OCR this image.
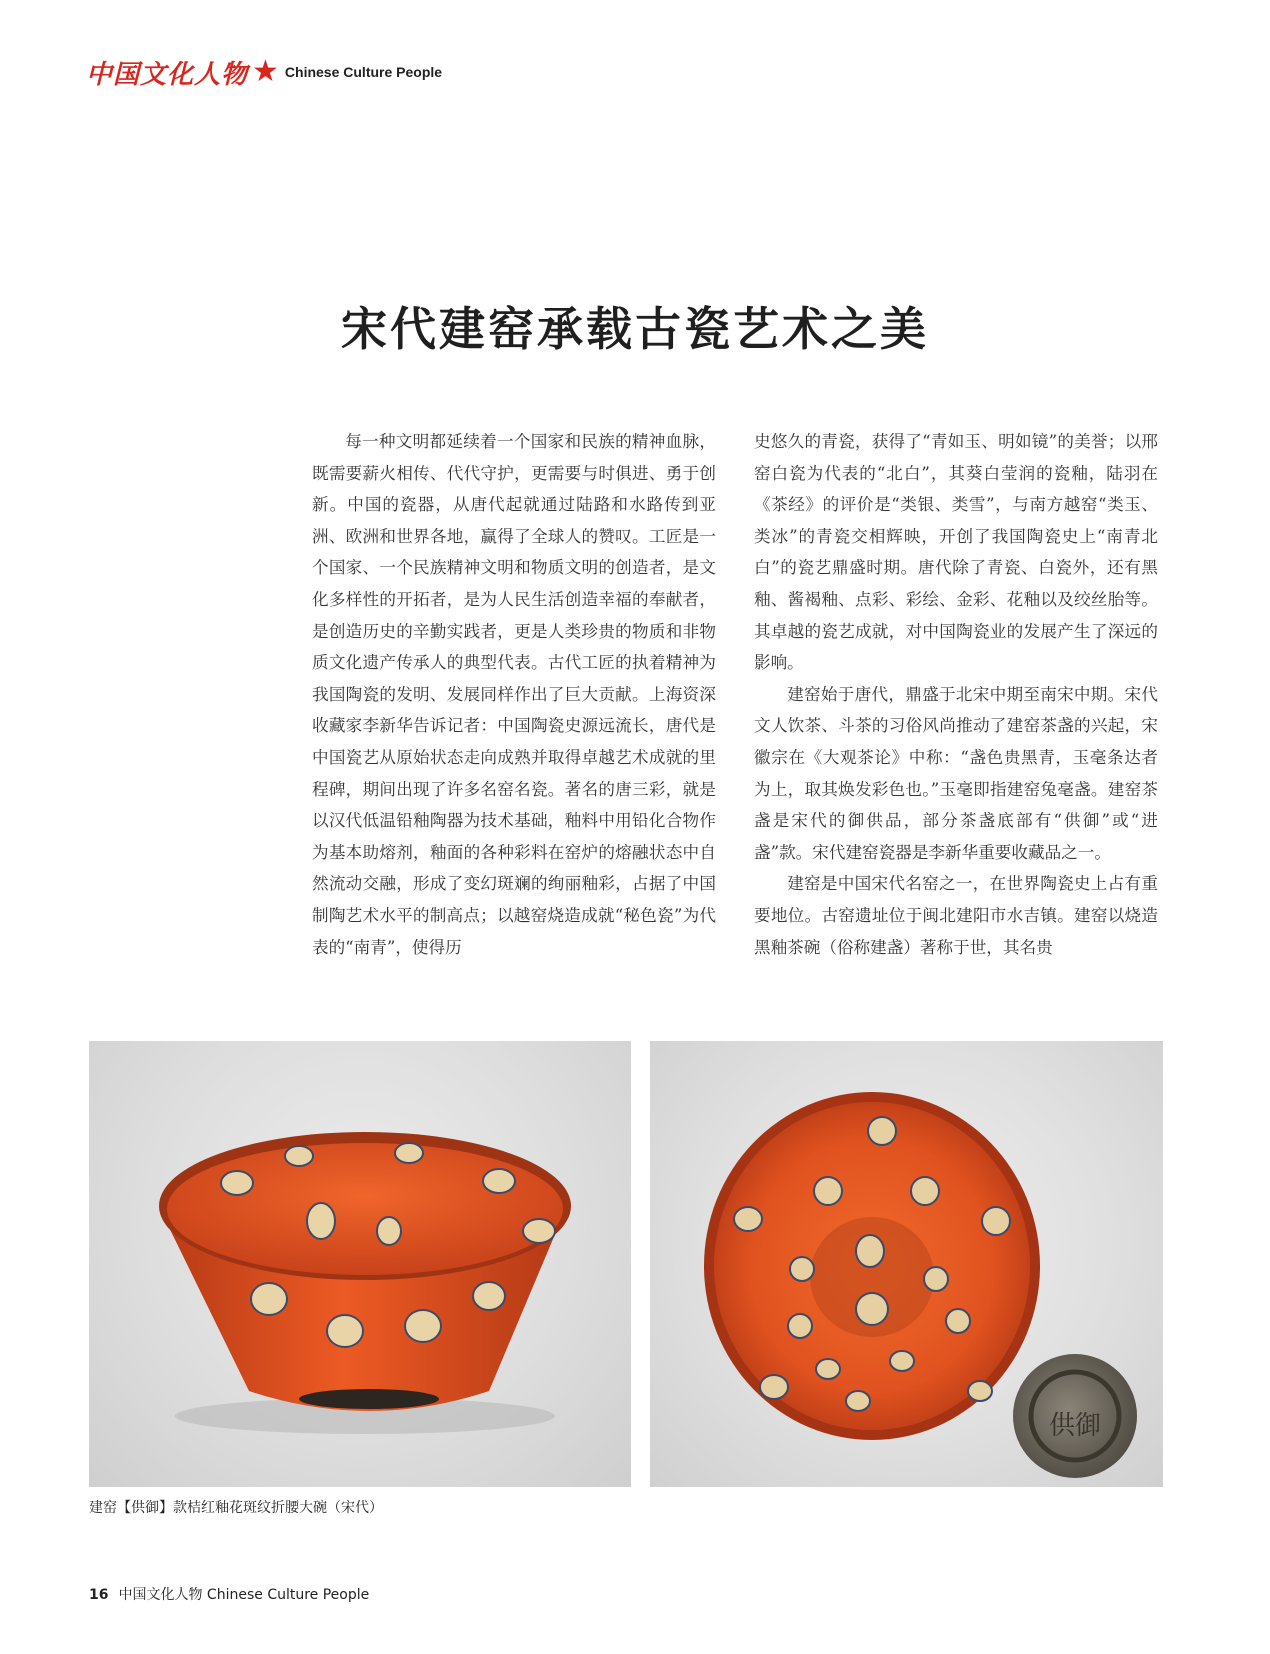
中国文化人物 ★ Chinese Culture People
宋代建窑承载古瓷艺术之美

每一种文明都延续着一个国家和民族的精神血脉，既需要薪火相传、代代守护，更需要与时俱进、勇于创新。中国的瓷器，从唐代起就通过陆路和水路传到亚洲、欧洲和世界各地，赢得了全球人的赞叹。工匠是一个国家、一个民族精神文明和物质文明的创造者，是文化多样性的开拓者，是为人民生活创造幸福的奉献者，是创造历史的辛勤实践者，更是人类珍贵的物质和非物质文化遗产传承人的典型代表。古代工匠的执着精神为我国陶瓷的发明、发展同样作出了巨大贡献。上海资深收藏家李新华告诉记者：中国陶瓷史源远流长，唐代是中国瓷艺从原始状态走向成熟并取得卓越艺术成就的里程碑，期间出现了许多名窑名瓷。著名的唐三彩，就是以汉代低温铅釉陶器为技术基础，釉料中用铅化合物作为基本助熔剂，釉面的各种彩料在窑炉的熔融状态中自然流动交融，形成了变幻斑斓的绚丽釉彩，占据了中国制陶艺术水平的制高点；以越窑烧造成就“秘色瓷”为代表的“南青”，使得历

史悠久的青瓷，获得了“青如玉、明如镜”的美誉；以邢窑白瓷为代表的“北白”，其葵白莹润的瓷釉，陆羽在《茶经》的评价是“类银、类雪”，与南方越窑“类玉、类冰”的青瓷交相辉映，开创了我国陶瓷史上“南青北白”的瓷艺鼎盛时期。唐代除了青瓷、白瓷外，还有黑釉、酱褐釉、点彩、彩绘、金彩、花釉以及绞丝胎等。其卓越的瓷艺成就，对中国陶瓷业的发展产生了深远的影响。

建窑始于唐代，鼎盛于北宋中期至南宋中期。宋代文人饮茶、斗茶的习俗风尚推动了建窑茶盏的兴起，宋徽宗在《大观茶论》中称：“盏色贵黑青，玉毫条达者为上，取其焕发彩色也。”玉毫即指建窑兔毫盏。建窑茶盏是宋代的御供品，部分茶盏底部有“供御”或“进盏”款。宋代建窑瓷器是李新华重要收藏品之一。

建窑是中国宋代名窑之一，在世界陶瓷史上占有重要地位。古窑遗址位于闽北建阳市水吉镇。建窑以烧造黑釉茶碗（俗称建盏）著称于世，其名贵

供御
建窑【供御】款桔红釉花斑纹折腰大碗（宋代）
16 中国文化人物 Chinese Culture People
